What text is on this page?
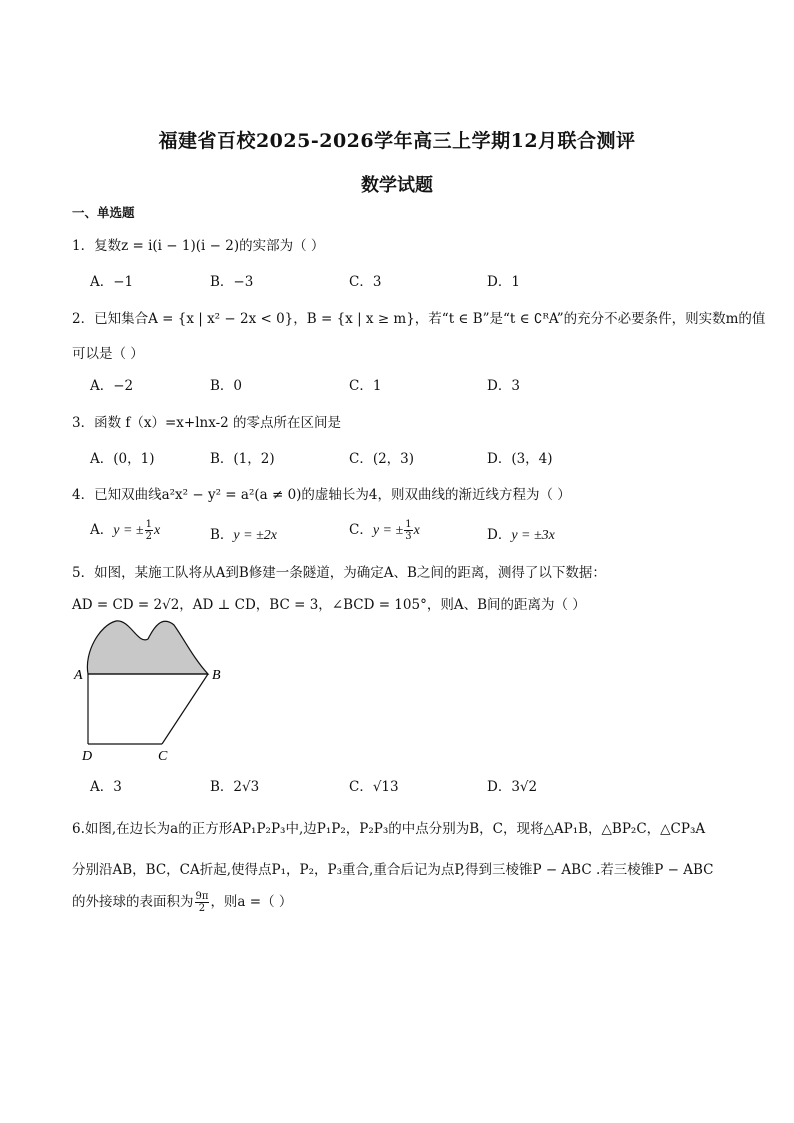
福建省百校2025-2026学年高三上学期12月联合测评
数学试题
一、单选题
1．复数z = i(i − 1)(i − 2)的实部为（ ）
A．−1	B．−3	C．3	D．1
2．已知集合A = {x | x² − 2x < 0}，B = {x | x ≥ m}，若“t ∈ B”是“t ∈ ∁ᴿA”的充分不必要条件，则实数m的值
可以是（ ）
A．−2	B．0	C．1	D．3
3．函数 f（x）=x+lnx-2 的零点所在区间是
A．(0，1)	B．(1，2)	C．(2，3)	D．(3，4)
4．已知双曲线a²x² − y² = a²(a ≠ 0)的虚轴长为4，则双曲线的渐近线方程为（ ）
A．y = ± $\frac{1}{2}$ x	B．y = ±2x	C．y = ± $\frac{1}{3}$ x	D．y = ±3x
5．如图，某施工队将从A到B修建一条隧道，为确定A、B之间的距离，测得了以下数据：
AD = CD = 2√2，AD ⊥ CD，BC = 3，∠BCD = 105°，则A、B间的距离为（ ）
A	B
D	C
A．3	B．2√3	C．√13	D．3√2
6.如图,在边长为a的正方形AP₁P₂P₃中,边P₁P₂，P₂P₃的中点分别为B，C，现将△AP₁B，△BP₂C，△CP₃A
分别沿AB，BC，CA折起,使得点P₁，P₂，P₃重合,重合后记为点P,得到三棱锥P − ABC .若三棱锥P − ABC
的外接球的表面积为 $\frac{9\pi}{2}$ ，则a =（ ）
